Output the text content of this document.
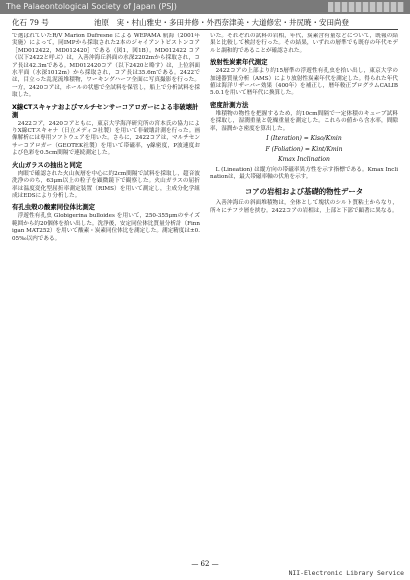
The Palaeontological Society of Japan (PSJ)
化石 79 号	池原　実・村山雅史・多田井修・外西奈津美・大道修宏・井尻暁・安田尚登

で選ばれていたR/V Marion Dufresne による WEPAMA 航海（2001年実施）によって，同IMPから採取された2本のジャイアントピストンコア［MD012422，MD012420］である（図1，図1B）。MD012422 コア（以下2422と呼ぶ）は，入善沖海丘斜面の水深2202mから採取され，コア長は42.3mである。MD012420コア（以下2420と略す）は，上位斜面水平面（水深1012m）から採取され，コア長は35.6mである。2422では，目立った乱泥流堆積物，ワーキングハーフ全面に写真撮影を行った。一方，2420コアは，ホールの状態で全試料を保管し，船上で分析試料を採取した。

X線CTスキャナおよびマルチセンサーコアロガーによる非破壊計測

2422コア，2420コアともに，東京大学海洋研究所の宮本氏の協力によりX線CTスキャナ（日立メディコ社製）を用いて非破壊計測を行った。画像解析には専用ソフトウェアを用いた。さらに，2422コアは，マルチセンサーコアロガー（GEOTEK社製）を用いて帯磁率，γ線密度，P波速度および色彩を0.5cm間隔で連続測定した。

火山ガラスの抽出と同定

肉眼で確認された火山灰層を中心に約2cm間隔で試料を採取し，超音波洗浄ののち，63μm以上の粒子を顕微鏡下で観察した。火山ガラスの屈折率は温度変化型屈折率測定装置（RIMS）を用いて測定し，主成分化学組成はEDSにより分析した。

有孔虫殻の酸素同位体比測定

浮遊性有孔虫 Globigerina bulloides を用いて，250-355μmのサイズ範囲から約20個体を拾い出した。洗浄後，安定同位体比質量分析計（Finnigan MAT252）を用いて酸素・炭素同位体比を測定した。測定精度は±0.05‰以内である。

いた。それぞれの試料の岩相，年代，炭素含有量などについて，既報の結果と比較して検討を行った。その結果，いずれの層準でも既存の年代モデルと調和的であることが確認された。

放射性炭素年代測定

2422コアの上部より約15層準の浮遊性有孔虫を拾い出し，東京大学の加速器質量分析（AMS）により放射性炭素年代を測定した。得られた年代値は海洋リザーバー効果（400年）を補正し，暦年較正プログラムCALIB 5.0.1を用いて暦年代に換算した。

密度計測方法

堆積物の物性を把握するため，約10cm間隔で一定体積のキューブ試料を採取し，湿潤重量と乾燥重量を測定した。これらの値から含水率，間隙率，湿潤かさ密度を算出した。

I (Iteration) = Kiso/Kmin
F (Foliation) = Kint/Kmin
Kmax Inclination

L (Lineation) は縦方向の帯磁率異方性を示す指標である。Kmax Inclinationは，最大帯磁率軸の伏角を示す。

コアの岩相および基礎的物性データ

入善沖海丘の斜面堆積物は，全体として塊状のシルト質粘土からなり，所々にテフラ層を挟む。2422コアの岩相は，上部と下部で顕著に異なる。

— 62 —
NII-Electronic Library Service
